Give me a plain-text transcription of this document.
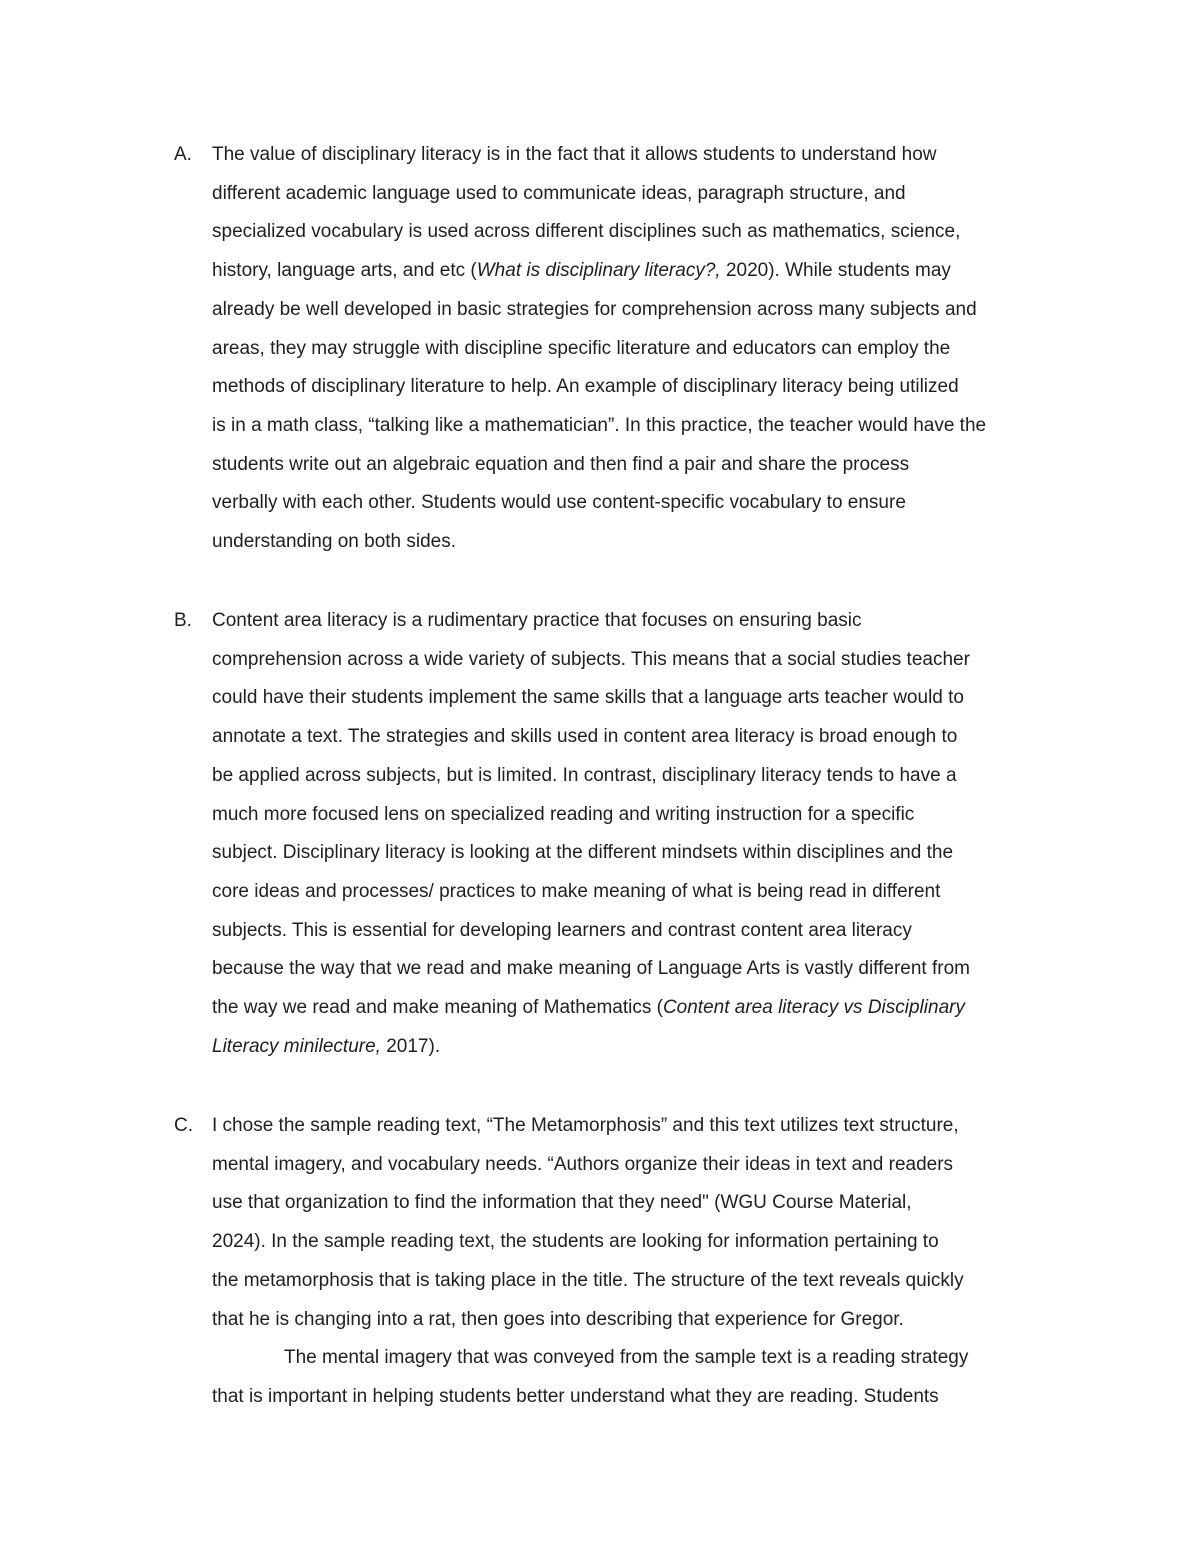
A. The value of disciplinary literacy is in the fact that it allows students to understand how
different academic language used to communicate ideas, paragraph structure, and
specialized vocabulary is used across different disciplines such as mathematics, science,
history, language arts, and etc (What is disciplinary literacy?, 2020). While students may
already be well developed in basic strategies for comprehension across many subjects and
areas, they may struggle with discipline specific literature and educators can employ the
methods of disciplinary literature to help. An example of disciplinary literacy being utilized
is in a math class, “talking like a mathematician”. In this practice, the teacher would have the
students write out an algebraic equation and then find a pair and share the process
verbally with each other. Students would use content-specific vocabulary to ensure
understanding on both sides.
B. Content area literacy is a rudimentary practice that focuses on ensuring basic
comprehension across a wide variety of subjects. This means that a social studies teacher
could have their students implement the same skills that a language arts teacher would to
annotate a text. The strategies and skills used in content area literacy is broad enough to
be applied across subjects, but is limited. In contrast, disciplinary literacy tends to have a
much more focused lens on specialized reading and writing instruction for a specific
subject. Disciplinary literacy is looking at the different mindsets within disciplines and the
core ideas and processes/ practices to make meaning of what is being read in different
subjects. This is essential for developing learners and contrast content area literacy
because the way that we read and make meaning of Language Arts is vastly different from
the way we read and make meaning of Mathematics (Content area literacy vs Disciplinary
Literacy minilecture, 2017).
C. I chose the sample reading text, “The Metamorphosis” and this text utilizes text structure,
mental imagery, and vocabulary needs. “Authors organize their ideas in text and readers
use that organization to find the information that they need" (WGU Course Material,
2024). In the sample reading text, the students are looking for information pertaining to
the metamorphosis that is taking place in the title. The structure of the text reveals quickly
that he is changing into a rat, then goes into describing that experience for Gregor.
The mental imagery that was conveyed from the sample text is a reading strategy
that is important in helping students better understand what they are reading. Students
